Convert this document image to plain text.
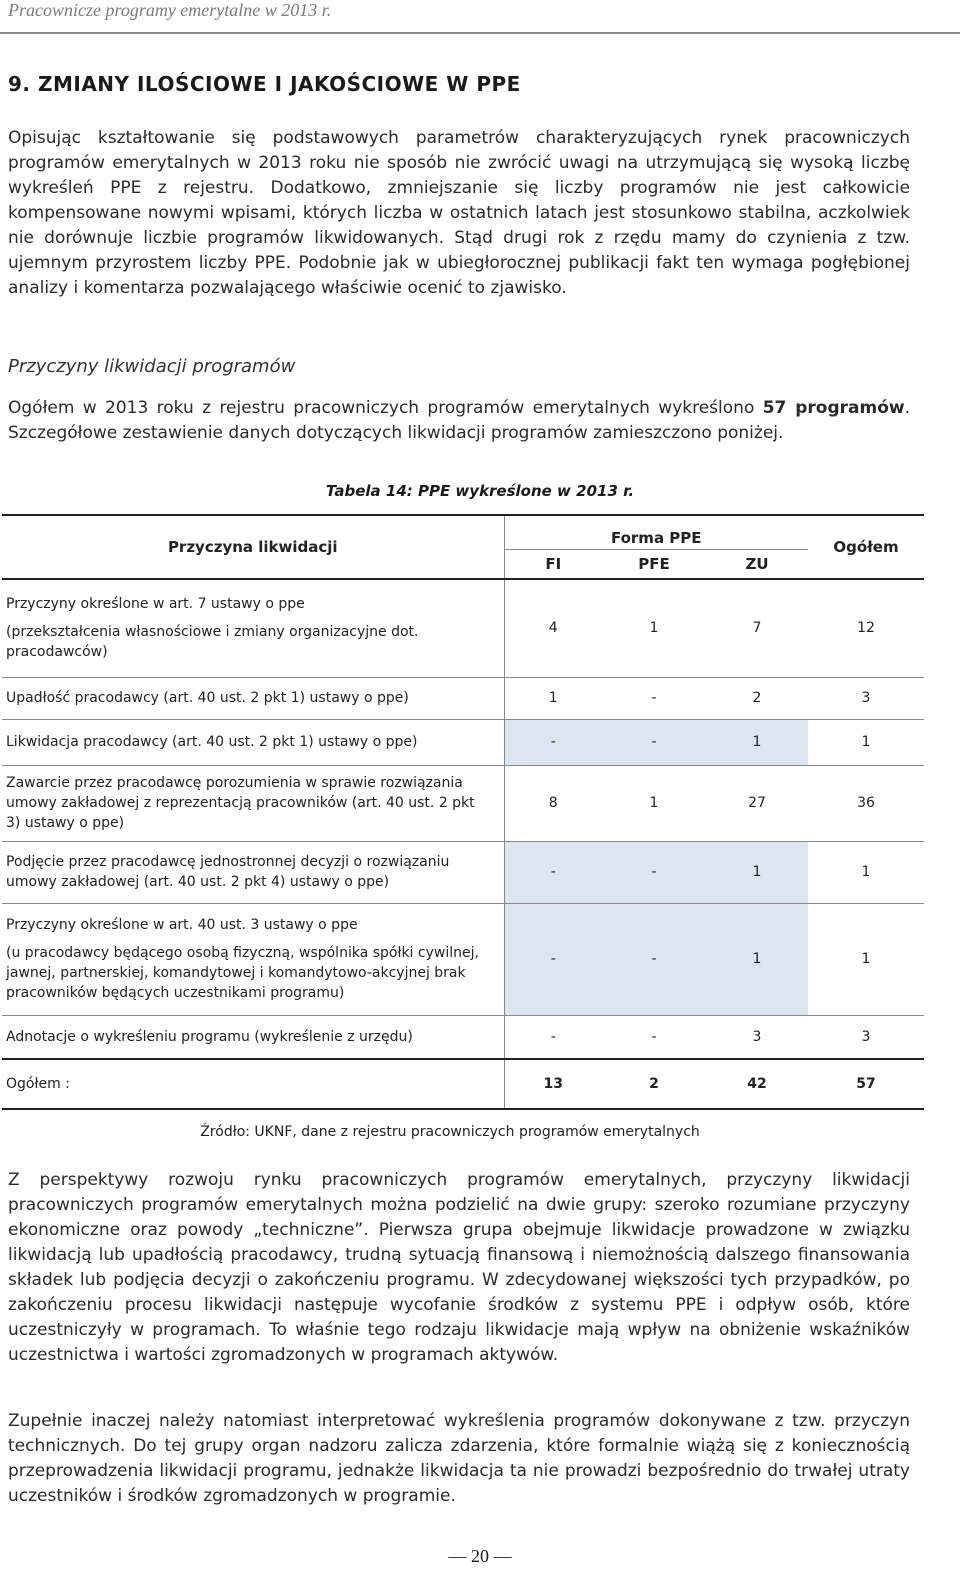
Pracownicze programy emerytalne w 2013 r.
9. ZMIANY ILOŚCIOWE I JAKOŚCIOWE W PPE

Opisując kształtowanie się podstawowych parametrów charakteryzujących rynek pracowniczych programów emerytalnych w 2013 roku nie sposób nie zwrócić uwagi na utrzymującą się wysoką liczbę wykreśleń PPE z rejestru. Dodatkowo, zmniejszanie się liczby programów nie jest całkowicie kompensowane nowymi wpisami, których liczba w ostatnich latach jest stosunkowo stabilna, aczkolwiek nie dorównuje liczbie programów likwidowanych. Stąd drugi rok z rzędu mamy do czynienia z tzw. ujemnym przyrostem liczby PPE. Podobnie jak w ubiegłorocznej publikacji fakt ten wymaga pogłębionej analizy i komentarza pozwalającego właściwie ocenić to zjawisko.

Przyczyny likwidacji programów

Ogółem w 2013 roku z rejestru pracowniczych programów emerytalnych wykreślono 57 programów. Szczegółowe zestawienie danych dotyczących likwidacji programów zamieszczono poniżej.

Tabela 14: PPE wykreślone w 2013 r.
Przyczyna likwidacji	Forma PPE			Ogółem
	FI	PFE	ZU	

Przyczyny określone w art. 7 ustawy o ppe
(przekształcenia własnościowe i zmiany organizacyjne dot.
pracodawców)	4	1	7	12

Upadłość pracodawcy (art. 40 ust. 2 pkt 1) ustawy o ppe)	1	-	2	3

Likwidacja pracodawcy (art. 40 ust. 2 pkt 1) ustawy o ppe)	-	-	1	1

Zawarcie przez pracodawcę porozumienia w sprawie rozwiązania
umowy zakładowej z reprezentacją pracowników (art. 40 ust. 2 pkt
3) ustawy o ppe)	8	1	27	36

Podjęcie przez pracodawcę jednostronnej decyzji o rozwiązaniu
umowy zakładowej (art. 40 ust. 2 pkt 4) ustawy o ppe)	-	-	1	1

Przyczyny określone w art. 40 ust. 3 ustawy o ppe
(u pracodawcy będącego osobą fizyczną, wspólnika spółki cywilnej,
jawnej, partnerskiej, komandytowej i komandytowo-akcyjnej brak
pracowników będących uczestnikami programu)	-	-	1	1

Adnotacje o wykreśleniu programu (wykreślenie z urzędu)	-	-	3	3
Ogółem :	13	2	42	57
Źródło: UKNF, dane z rejestru pracowniczych programów emerytalnych

Z perspektywy rozwoju rynku pracowniczych programów emerytalnych, przyczyny likwidacji pracowniczych programów emerytalnych można podzielić na dwie grupy: szeroko rozumiane przyczyny ekonomiczne oraz powody „techniczne”. Pierwsza grupa obejmuje likwidacje prowadzone w związku likwidacją lub upadłością pracodawcy, trudną sytuacją finansową i niemożnością dalszego finansowania składek lub podjęcia decyzji o zakończeniu programu. W zdecydowanej większości tych przypadków, po zakończeniu procesu likwidacji następuje wycofanie środków z systemu PPE i odpływ osób, które uczestniczyły w programach. To właśnie tego rodzaju likwidacje mają wpływ na obniżenie wskaźników uczestnictwa i wartości zgromadzonych w programach aktywów.

Zupełnie inaczej należy natomiast interpretować wykreślenia programów dokonywane z tzw. przyczyn technicznych. Do tej grupy organ nadzoru zalicza zdarzenia, które formalnie wiążą się z koniecznością przeprowadzenia likwidacji programu, jednakże likwidacja ta nie prowadzi bezpośrednio do trwałej utraty uczestników i środków zgromadzonych w programie.

— 20 —
